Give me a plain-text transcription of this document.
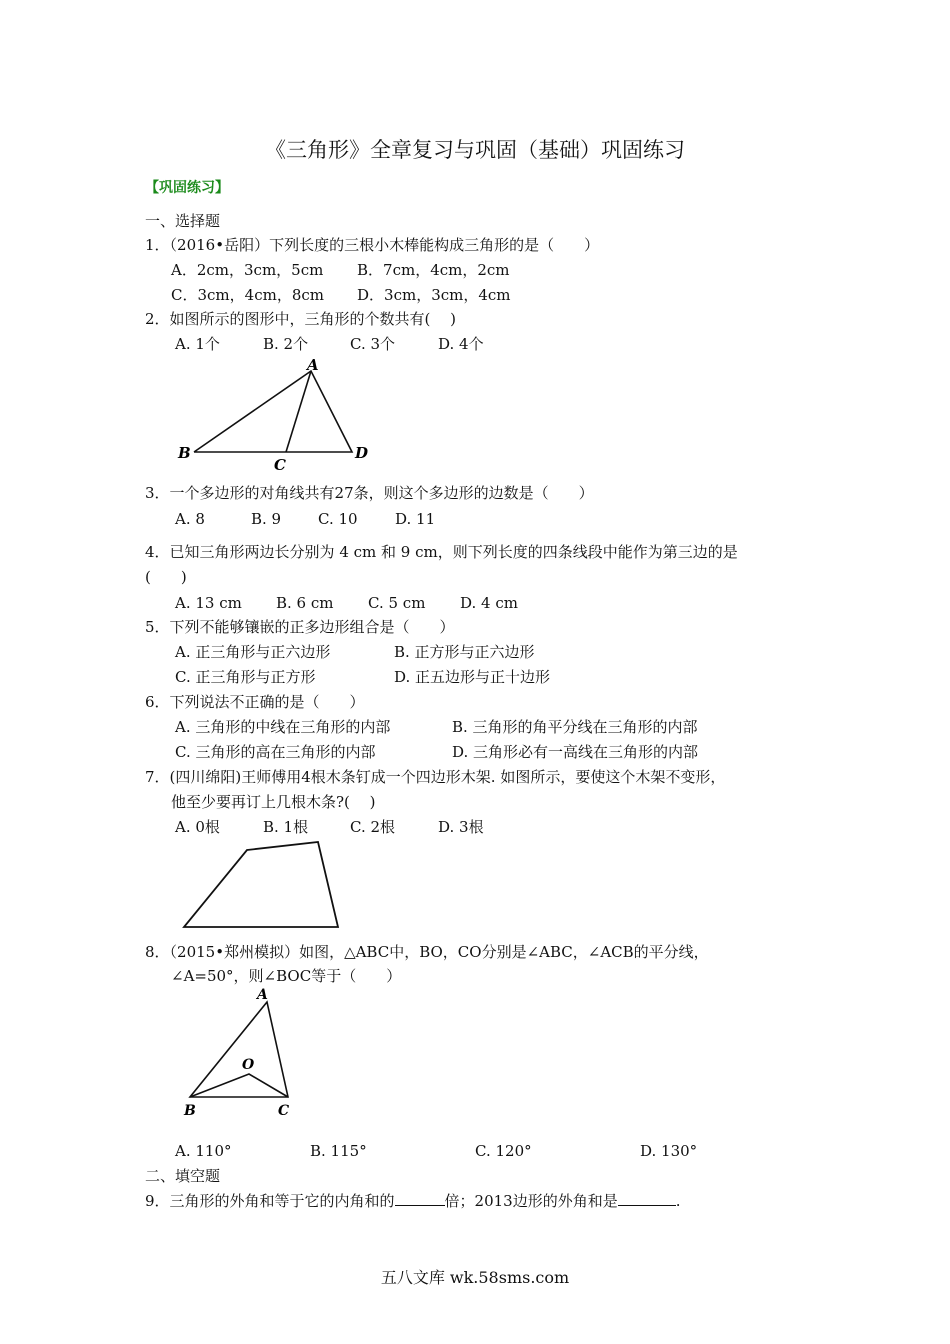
《三角形》全章复习与巩固（基础）巩固练习
【巩固练习】
一、选择题
1．（2016•岳阳）下列长度的三根小木棒能构成三角形的是（　　）
A．2cm，3cm，5cm B．7cm，4cm，2cm
C．3cm，4cm，8cm D．3cm，3cm，4cm
2．如图所示的图形中，三角形的个数共有(　 )
A. 1个	B. 2个	C. 3个	D. 4个
A
B
C
D
3．一个多边形的对角线共有27条，则这个多边形的边数是（　　）
A. 8	B. 9 C. 10 D. 11
4．已知三角形两边长分别为 4 cm 和 9 cm，则下列长度的四条线段中能作为第三边的是
(　　)
A. 13 cm B. 6 cm C. 5 cm D. 4 cm
5．下列不能够镶嵌的正多边形组合是（　　）
A. 正三角形与正六边形	B. 正方形与正六边形
C. 正三角形与正方形	D. 正五边形与正十边形
6．下列说法不正确的是（　　）
A. 三角形的中线在三角形的内部	B. 三角形的角平分线在三角形的内部
C. 三角形的高在三角形的内部	D. 三角形必有一高线在三角形的内部
7．(四川绵阳)王师傅用4根木条钉成一个四边形木架. 如图所示，要使这个木架不变形，
他至少要再订上几根木条?(　 )
A. 0根	B. 1根	C. 2根	D. 3根
8．（2015•郑州模拟）如图，△ABC中，BO，CO分别是∠ABC，∠ACB的平分线，
∠A=50°，则∠BOC等于（　　）
A
O
B	C
A. 110°	B. 115°	C. 120°	D. 130°
二、填空题
9．三角形的外角和等于它的内角和的	倍；2013边形的外角和是	.
五八文库 wk.58sms.com
